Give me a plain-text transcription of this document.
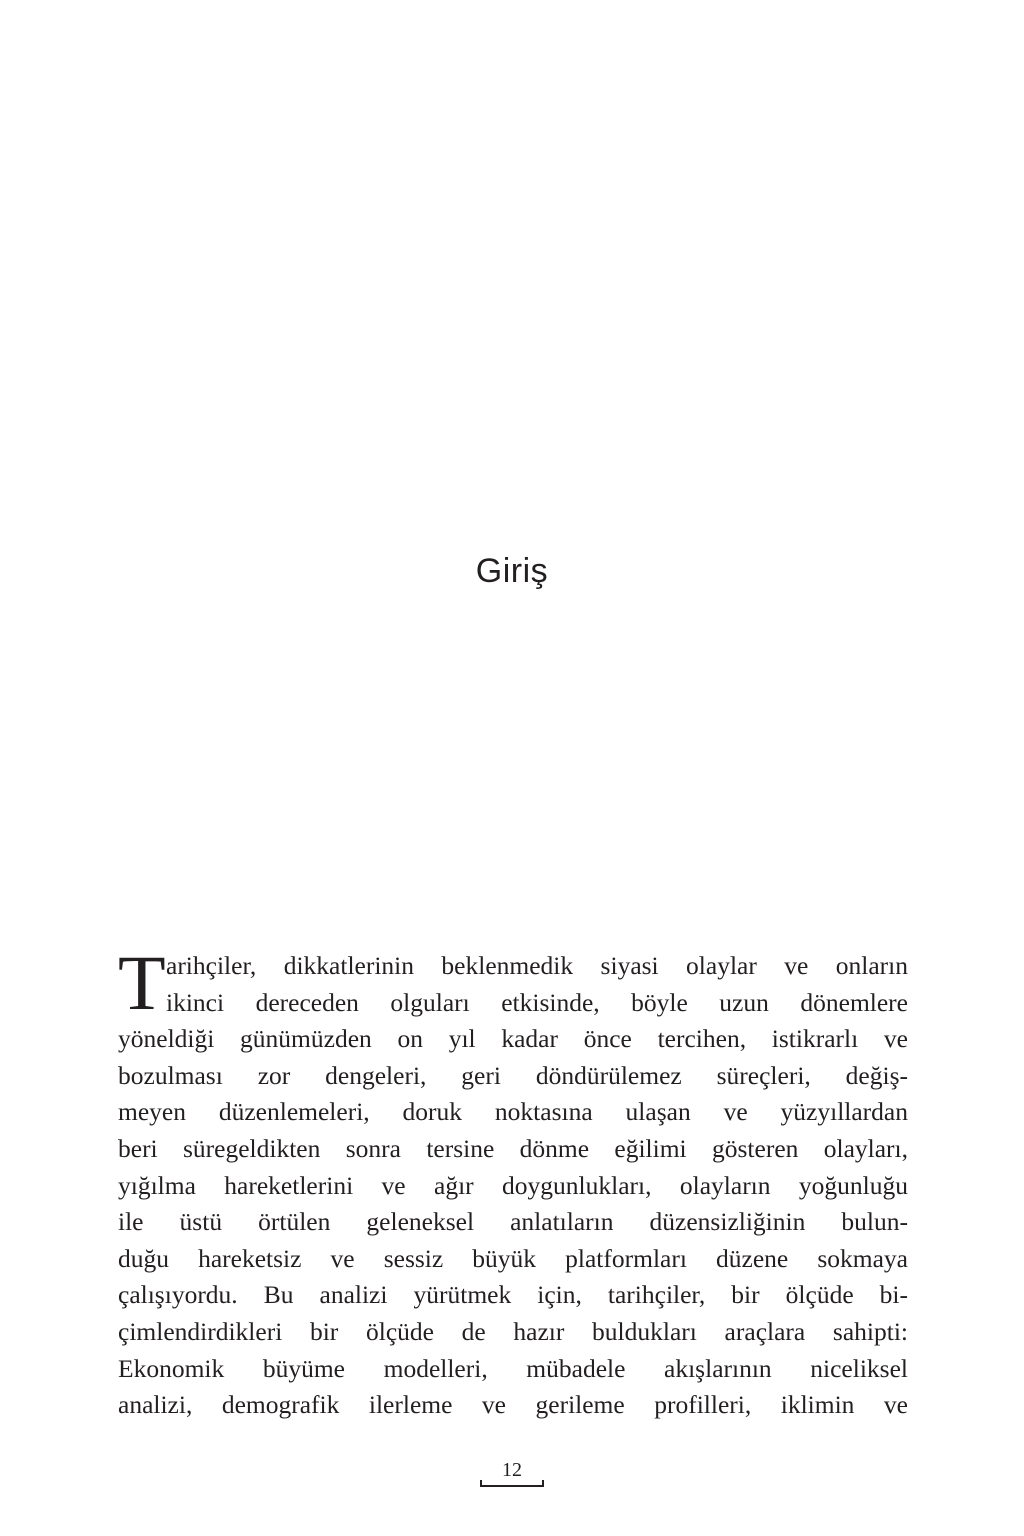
Giriş
T arihçiler, dikkatlerinin beklenmedik siyasi olaylar ve onların
ikinci dereceden olguları etkisinde, böyle uzun dönemlere
yöneldiği günümüzden on yıl kadar önce tercihen, istikrarlı ve
bozulması zor dengeleri, geri döndürülemez süreçleri, değiş-
meyen düzenlemeleri, doruk noktasına ulaşan ve yüzyıllardan
beri süregeldikten sonra tersine dönme eğilimi gösteren olayları,
yığılma hareketlerini ve ağır doygunlukları, olayların yoğunluğu
ile üstü örtülen geleneksel anlatıların düzensizliğinin bulun-
duğu hareketsiz ve sessiz büyük platformları düzene sokmaya
çalışıyordu. Bu analizi yürütmek için, tarihçiler, bir ölçüde bi-
çimlendirdikleri bir ölçüde de hazır buldukları araçlara sahipti:
Ekonomik büyüme modelleri, mübadele akışlarının niceliksel
analizi, demografik ilerleme ve gerileme profilleri, iklimin ve
12
